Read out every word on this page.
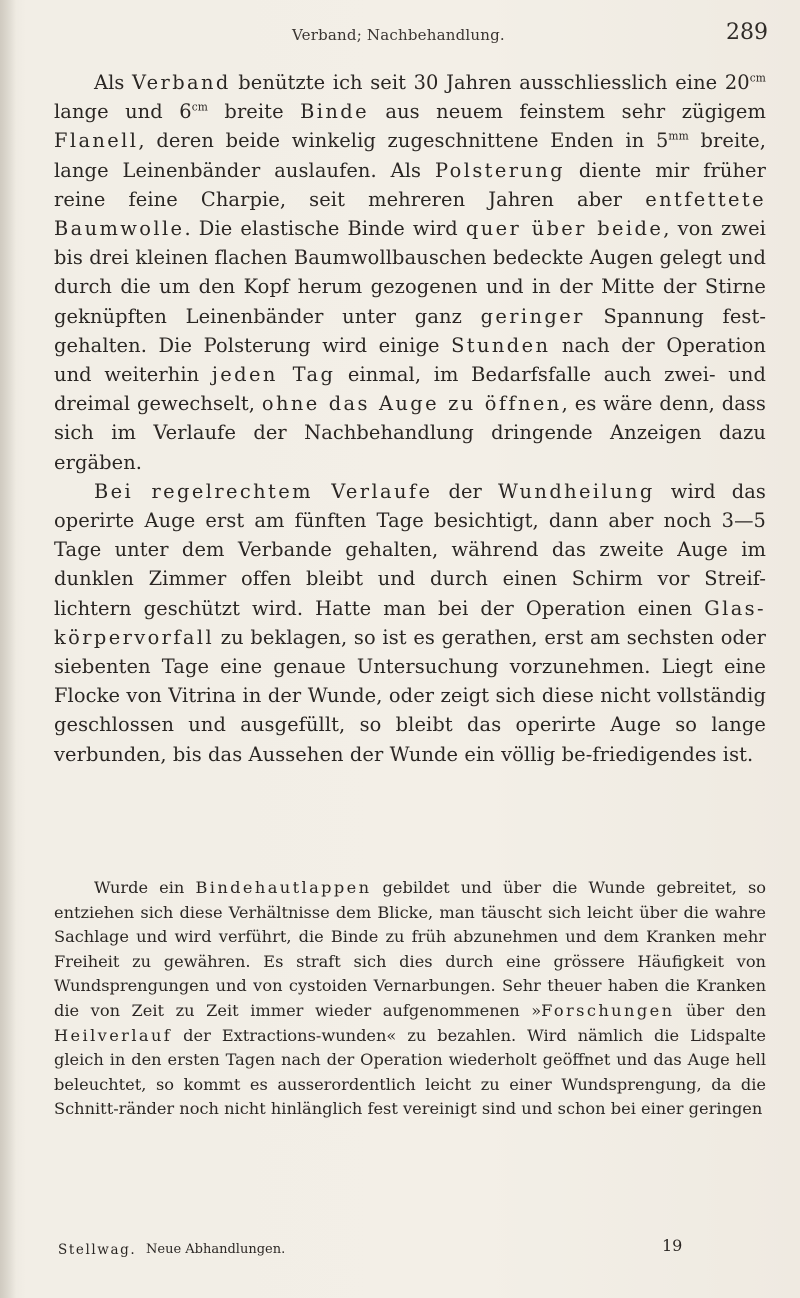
Verband; Nachbehandlung.	289

Als Verband benützte ich seit 30 Jahren ausschliesslich eine $20^{cm}$ lange und $6^{cm}$ breite Binde aus neuem feinstem sehr zügigem Flanell, deren beide winkelig zugeschnittene Enden in $5^{mm}$ breite, lange Leinenbänder auslaufen. Als Polsterung diente mir früher reine feine Charpie, seit mehreren Jahren aber entfettete Baumwolle. Die elastische Binde wird quer über beide, von zwei bis drei kleinen flachen Baumwollbauschen bedeckte Augen gelegt und durch die um den Kopf herum gezogenen und in der Mitte der Stirne geknüpften Leinenbänder unter ganz geringer Spannung fest-gehalten. Die Polsterung wird einige Stunden nach der Operation und weiterhin jeden Tag einmal, im Bedarfsfalle auch zwei- und dreimal gewechselt, ohne das Auge zu öffnen, es wäre denn, dass sich im Verlaufe der Nachbehandlung dringende Anzeigen dazu ergäben.

Bei regelrechtem Verlaufe der Wundheilung wird das operirte Auge erst am fünften Tage besichtigt, dann aber noch 3—5 Tage unter dem Verbande gehalten, während das zweite Auge im dunklen Zimmer offen bleibt und durch einen Schirm vor Streif-lichtern geschützt wird. Hatte man bei der Operation einen Glas-körpervorfall zu beklagen, so ist es gerathen, erst am sechsten oder siebenten Tage eine genaue Untersuchung vorzunehmen. Liegt eine Flocke von Vitrina in der Wunde, oder zeigt sich diese nicht vollständig geschlossen und ausgefüllt, so bleibt das operirte Auge so lange verbunden, bis das Aussehen der Wunde ein völlig be-friedigendes ist.

Wurde ein Bindehautlappen gebildet und über die Wunde gebreitet, so entziehen sich diese Verhältnisse dem Blicke, man täuscht sich leicht über die wahre Sachlage und wird verführt, die Binde zu früh abzunehmen und dem Kranken mehr Freiheit zu gewähren. Es straft sich dies durch eine grössere Häufigkeit von Wundsprengungen und von cystoiden Vernarbungen. Sehr theuer haben die Kranken die von Zeit zu Zeit immer wieder aufgenommenen »Forschungen über den Heilverlauf der Extractions-wunden« zu bezahlen. Wird nämlich die Lidspalte gleich in den ersten Tagen nach der Operation wiederholt geöffnet und das Auge hell beleuchtet, so kommt es ausserordentlich leicht zu einer Wundsprengung, da die Schnitt-ränder noch nicht hinlänglich fest vereinigt sind und schon bei einer geringen

Stellwag. Neue Abhandlungen.	19
